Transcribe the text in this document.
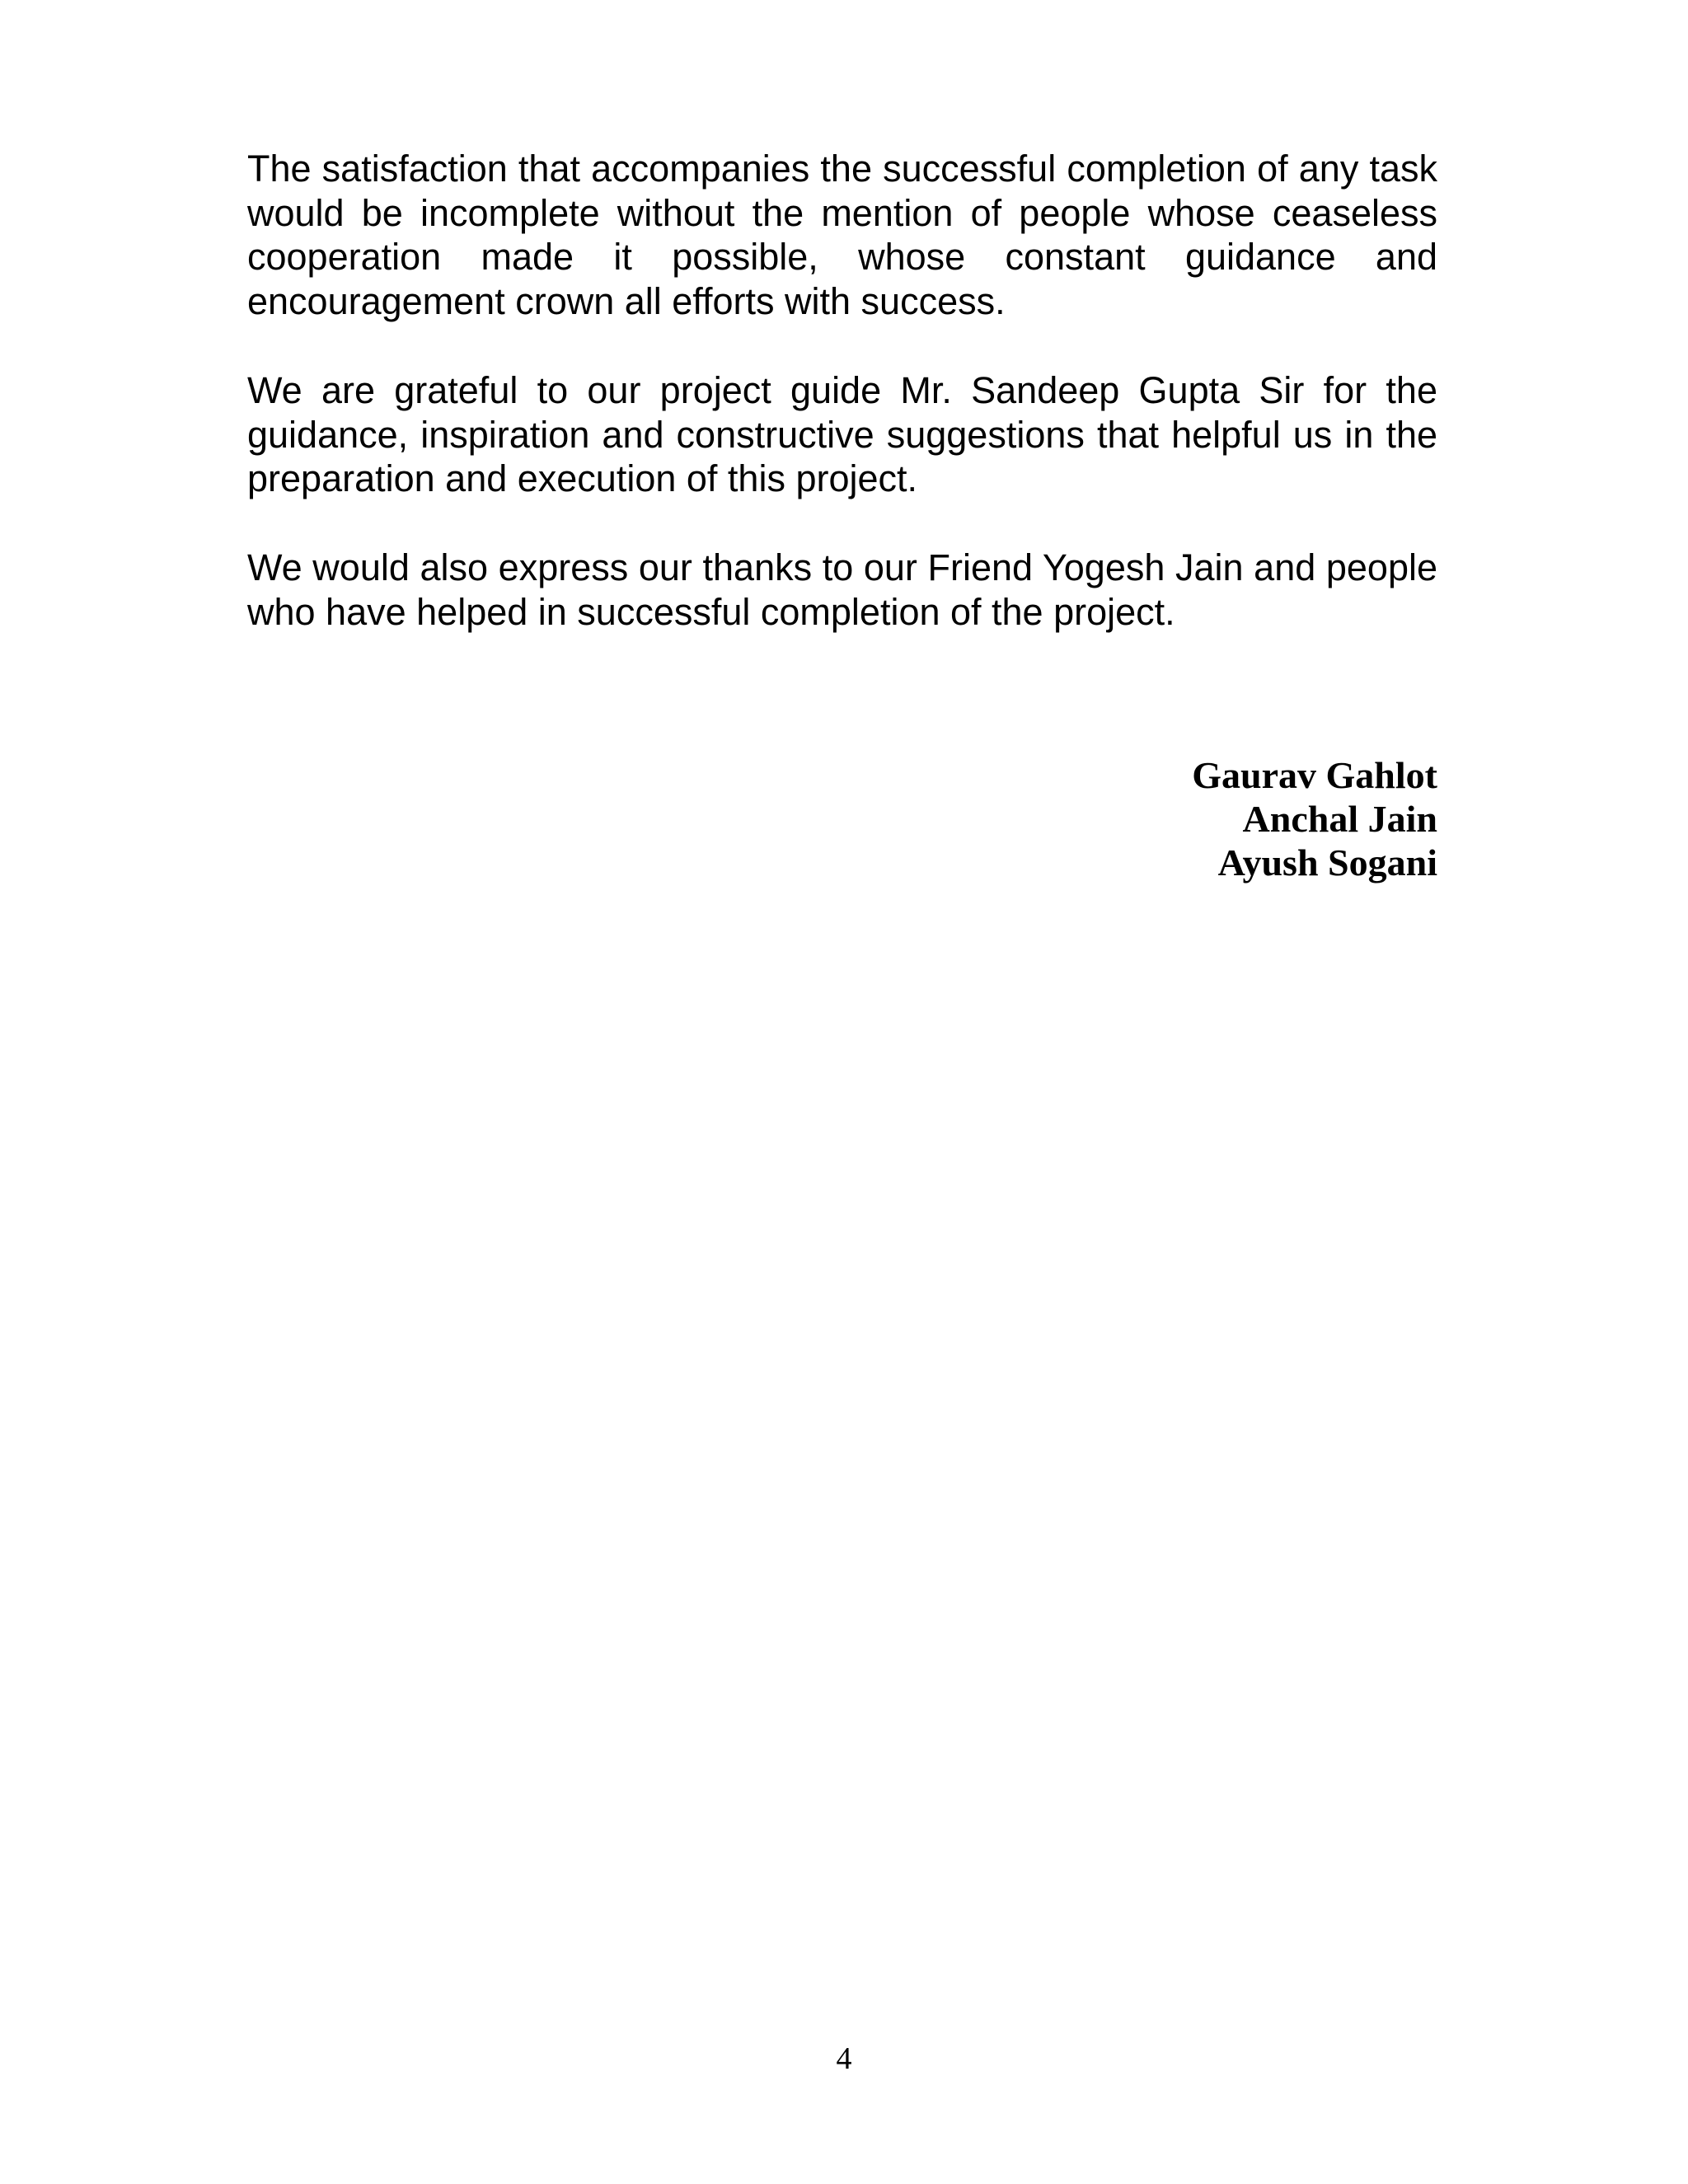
The satisfaction that accompanies the successful completion of any task would be incomplete without the mention of people whose ceaseless cooperation made it possible, whose constant guidance and encouragement crown all efforts with success.

We are grateful to our project guide Mr. Sandeep Gupta Sir for the guidance, inspiration and constructive suggestions that helpful us in the preparation and execution of this project.

We would also express our thanks to our Friend Yogesh Jain and people who have helped in successful completion of the project.

Gaurav Gahlot
Anchal Jain
Ayush Sogani
4
